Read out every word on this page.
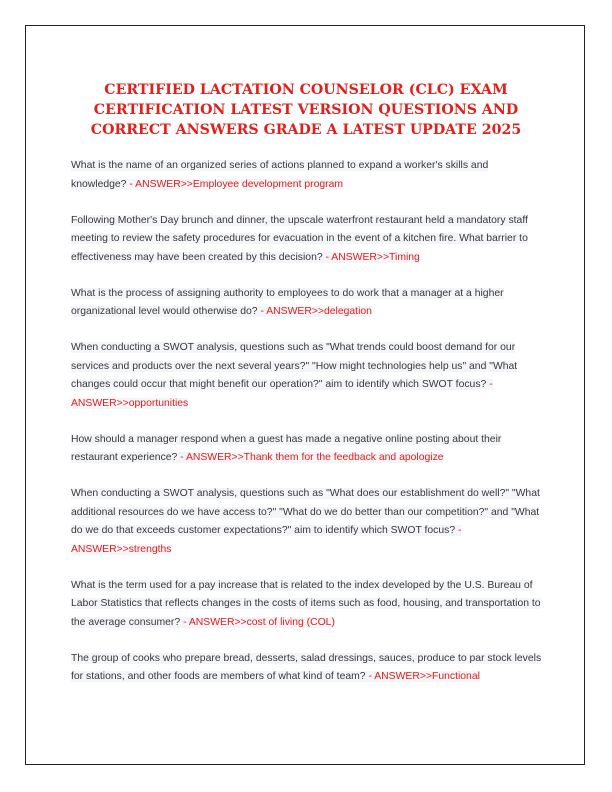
CERTIFIED LACTATION COUNSELOR (CLC) EXAM CERTIFICATION LATEST VERSION QUESTIONS AND CORRECT ANSWERS GRADE A LATEST UPDATE 2025

What is the name of an organized series of actions planned to expand a worker's skills and knowledge? - ANSWER>>Employee development program

Following Mother's Day brunch and dinner, the upscale waterfront restaurant held a mandatory staff meeting to review the safety procedures for evacuation in the event of a kitchen fire. What barrier to effectiveness may have been created by this decision? - ANSWER>>Timing

What is the process of assigning authority to employees to do work that a manager at a higher organizational level would otherwise do? - ANSWER>>delegation

When conducting a SWOT analysis, questions such as "What trends could boost demand for our services and products over the next several years?" "How might technologies help us" and "What changes could occur that might benefit our operation?" aim to identify which SWOT focus? - ANSWER>>opportunities

How should a manager respond when a guest has made a negative online posting about their restaurant experience? - ANSWER>>Thank them for the feedback and apologize

When conducting a SWOT analysis, questions such as "What does our establishment do well?" "What additional resources do we have access to?" "What do we do better than our competition?" and "What do we do that exceeds customer expectations?" aim to identify which SWOT focus? - ANSWER>>strengths

What is the term used for a pay increase that is related to the index developed by the U.S. Bureau of Labor Statistics that reflects changes in the costs of items such as food, housing, and transportation to the average consumer? - ANSWER>>cost of living (COL)

The group of cooks who prepare bread, desserts, salad dressings, sauces, produce to par stock levels for stations, and other foods are members of what kind of team? - ANSWER>>Functional
